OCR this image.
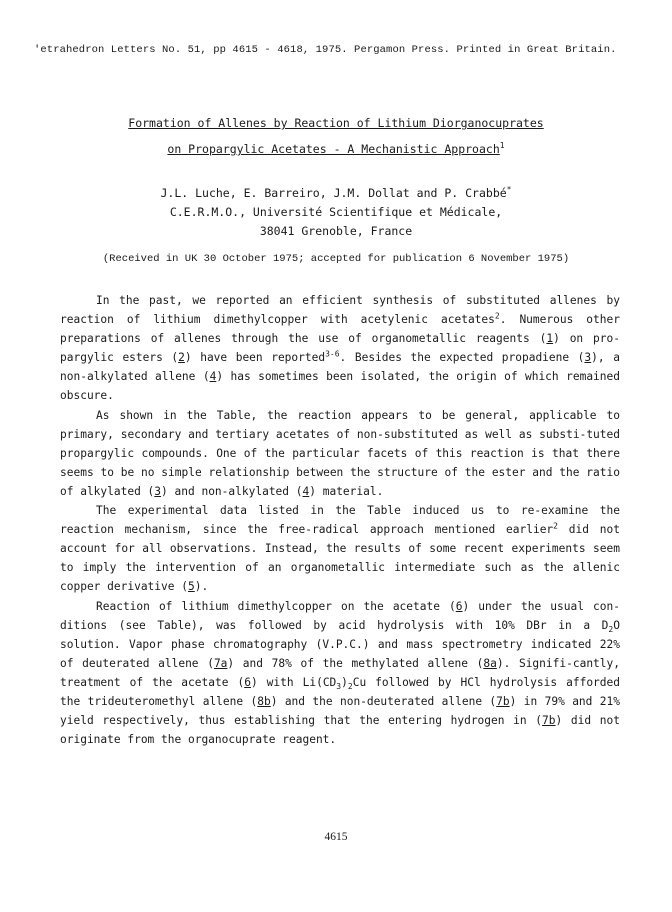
'etrahedron Letters No. 51, pp 4615 - 4618, 1975. Pergamon Press. Printed in Great Britain.
Formation of Allenes by Reaction of Lithium Diorganocuprates
on Propargylic Acetates - A Mechanistic Approach$^1$
J.L. Luche, E. Barreiro, J.M. Dollat and P. Crabbé*
C.E.R.M.O., Université Scientifique et Médicale,
38041 Grenoble, France
(Received in UK 30 October 1975; accepted for publication 6 November 1975)

In the past, we reported an efficient synthesis of substituted allenes by reaction of lithium dimethylcopper with acetylenic acetates$^2$. Numerous other preparations of allenes through the use of organometallic reagents (1) on pro-pargylic esters (2) have been reported$^{3-6}$. Besides the expected propadiene (3), a non-alkylated allene (4) has sometimes been isolated, the origin of which remained obscure.

As shown in the Table, the reaction appears to be general, applicable to primary, secondary and tertiary acetates of non-substituted as well as substi-tuted propargylic compounds. One of the particular facets of this reaction is that there seems to be no simple relationship between the structure of the ester and the ratio of alkylated (3) and non-alkylated (4) material.

The experimental data listed in the Table induced us to re-examine the reaction mechanism, since the free-radical approach mentioned earlier$^2$ did not account for all observations. Instead, the results of some recent experiments seem to imply the intervention of an organometallic intermediate such as the allenic copper derivative (5).

Reaction of lithium dimethylcopper on the acetate (6) under the usual con-ditions (see Table), was followed by acid hydrolysis with 10% DBr in a $D_2O$ solution. Vapor phase chromatography (V.P.C.) and mass spectrometry indicated 22% of deuterated allene (7a) and 78% of the methylated allene (8a). Signifi-cantly, treatment of the acetate (6) with $Li(CD_3)_2Cu$ followed by HCl hydrolysis afforded the trideuteromethyl allene (8b) and the non-deuterated allene (7b) in 79% and 21% yield respectively, thus establishing that the entering hydrogen in (7b) did not originate from the organocuprate reagent.

4615
